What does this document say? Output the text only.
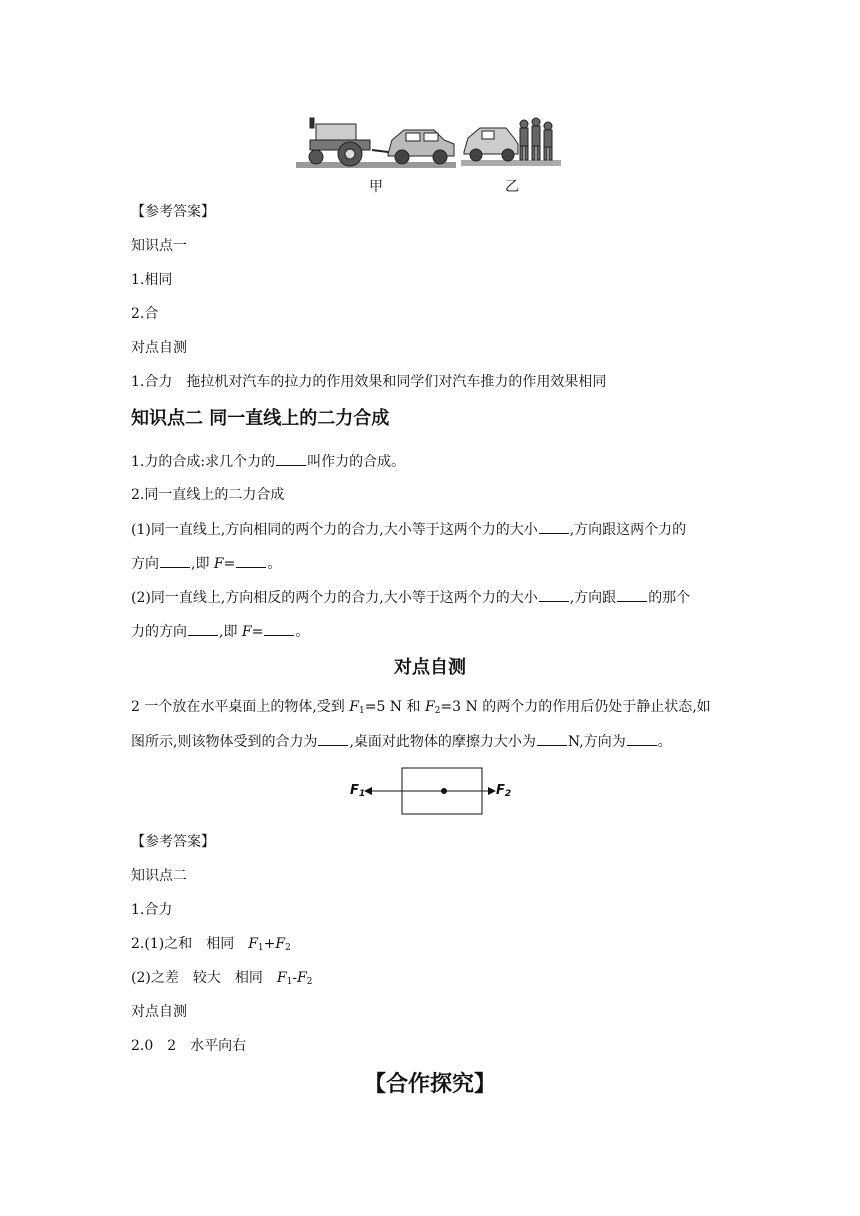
甲	乙
【参考答案】
知识点一
1.相同
2.合
对点自测
1.合力　拖拉机对汽车的拉力的作用效果和同学们对汽车推力的作用效果相同
知识点二 同一直线上的二力合成
1.力的合成:求几个力的 叫作力的合成。
2.同一直线上的二力合成
(1)同一直线上,方向相同的两个力的合力,大小等于这两个力的大小 ,方向跟这两个力的
方向 ,即 F= 。
(2)同一直线上,方向相反的两个力的合力,大小等于这两个力的大小 ,方向跟 的那个
力的方向 ,即 F= 。
对点自测
2 一个放在水平桌面上的物体,受到 $F_1=5$ N 和 $F_2=3$ N 的两个力的作用后仍处于静止状态,如
图所示,则该物体受到的合力为 ,桌面对此物体的摩擦力大小为 N,方向为 。
$F_1$	$F_2$
【参考答案】
知识点二
1.合力
2.(1)之和　相同　$F_1+F_2$
(2)之差　较大　相同　$F_1-F_2$
对点自测
2.0　2　水平向右
【合作探究】
